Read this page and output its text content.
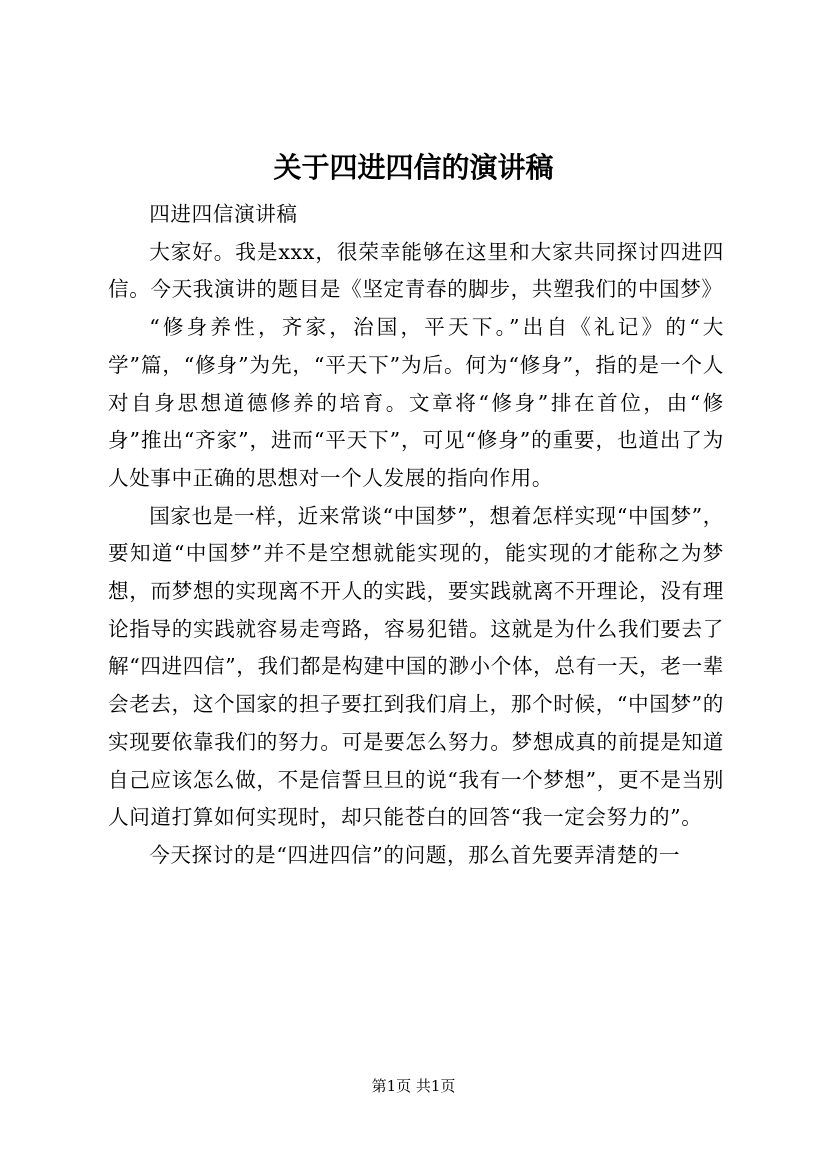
关于四进四信的演讲稿

四进四信演讲稿

大家好。我是xxx，很荣幸能够在这里和大家共同探讨四进四信。今天我演讲的题目是《坚定青春的脚步，共塑我们的中国梦》

“修身养性，齐家，治国，平天下。”出自《礼记》的“大学”篇，“修身”为先，“平天下”为后。何为“修身”，指的是一个人对自身思想道德修养的培育。文章将“修身”排在首位，由“修身”推出“齐家”，进而“平天下”，可见“修身”的重要，也道出了为人处事中正确的思想对一个人发展的指向作用。

国家也是一样，近来常谈“中国梦”，想着怎样实现“中国梦”，要知道“中国梦”并不是空想就能实现的，能实现的才能称之为梦想，而梦想的实现离不开人的实践，要实践就离不开理论，没有理论指导的实践就容易走弯路，容易犯错。这就是为什么我们要去了解“四进四信”，我们都是构建中国的渺小个体，总有一天，老一辈会老去，这个国家的担子要扛到我们肩上，那个时候，“中国梦”的实现要依靠我们的努力。可是要怎么努力。梦想成真的前提是知道自己应该怎么做，不是信誓旦旦的说“我有一个梦想”，更不是当别人问道打算如何实现时，却只能苍白的回答“我一定会努力的”。

今天探讨的是“四进四信”的问题，那么首先要弄清楚的一

第1页 共1页
